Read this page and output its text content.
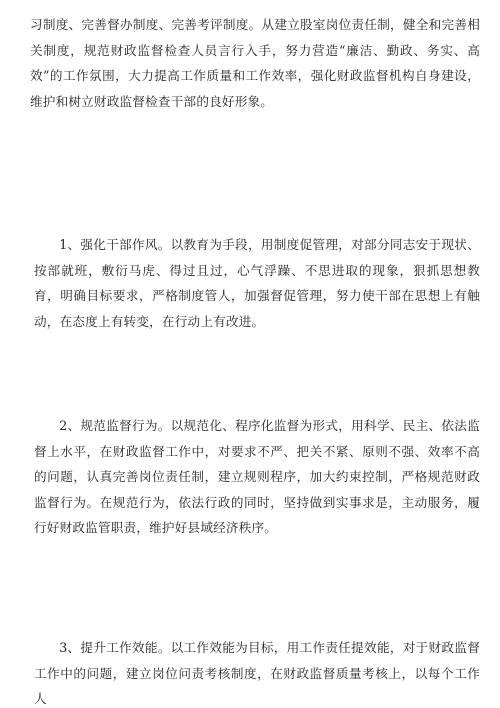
习制度、完善督办制度、完善考评制度。从建立股室岗位责任制，健全和完善相关制度，规范财政监督检查人员言行入手，努力营造“廉洁、勤政、务实、高效”的工作氛围，大力提高工作质量和工作效率，强化财政监督机构自身建设，维护和树立财政监督检查干部的良好形象。

1、强化干部作风。以教育为手段，用制度促管理，对部分同志安于现状、按部就班，敷衍马虎、得过且过，心气浮躁、不思进取的现象，狠抓思想教育，明确目标要求，严格制度管人，加强督促管理，努力使干部在思想上有触动，在态度上有转变，在行动上有改进。

2、规范监督行为。以规范化、程序化监督为形式，用科学、民主、依法监督上水平，在财政监督工作中，对要求不严、把关不紧、原则不强、效率不高的问题，认真完善岗位责任制，建立规则程序，加大约束控制，严格规范财政监督行为。在规范行为，依法行政的同时，坚持做到实事求是，主动服务，履行好财政监管职责，维护好县域经济秩序。

3、提升工作效能。以工作效能为目标，用工作责任提效能，对于财政监督工作中的问题，建立岗位问责考核制度，在财政监督质量考核上，以每个工作人
